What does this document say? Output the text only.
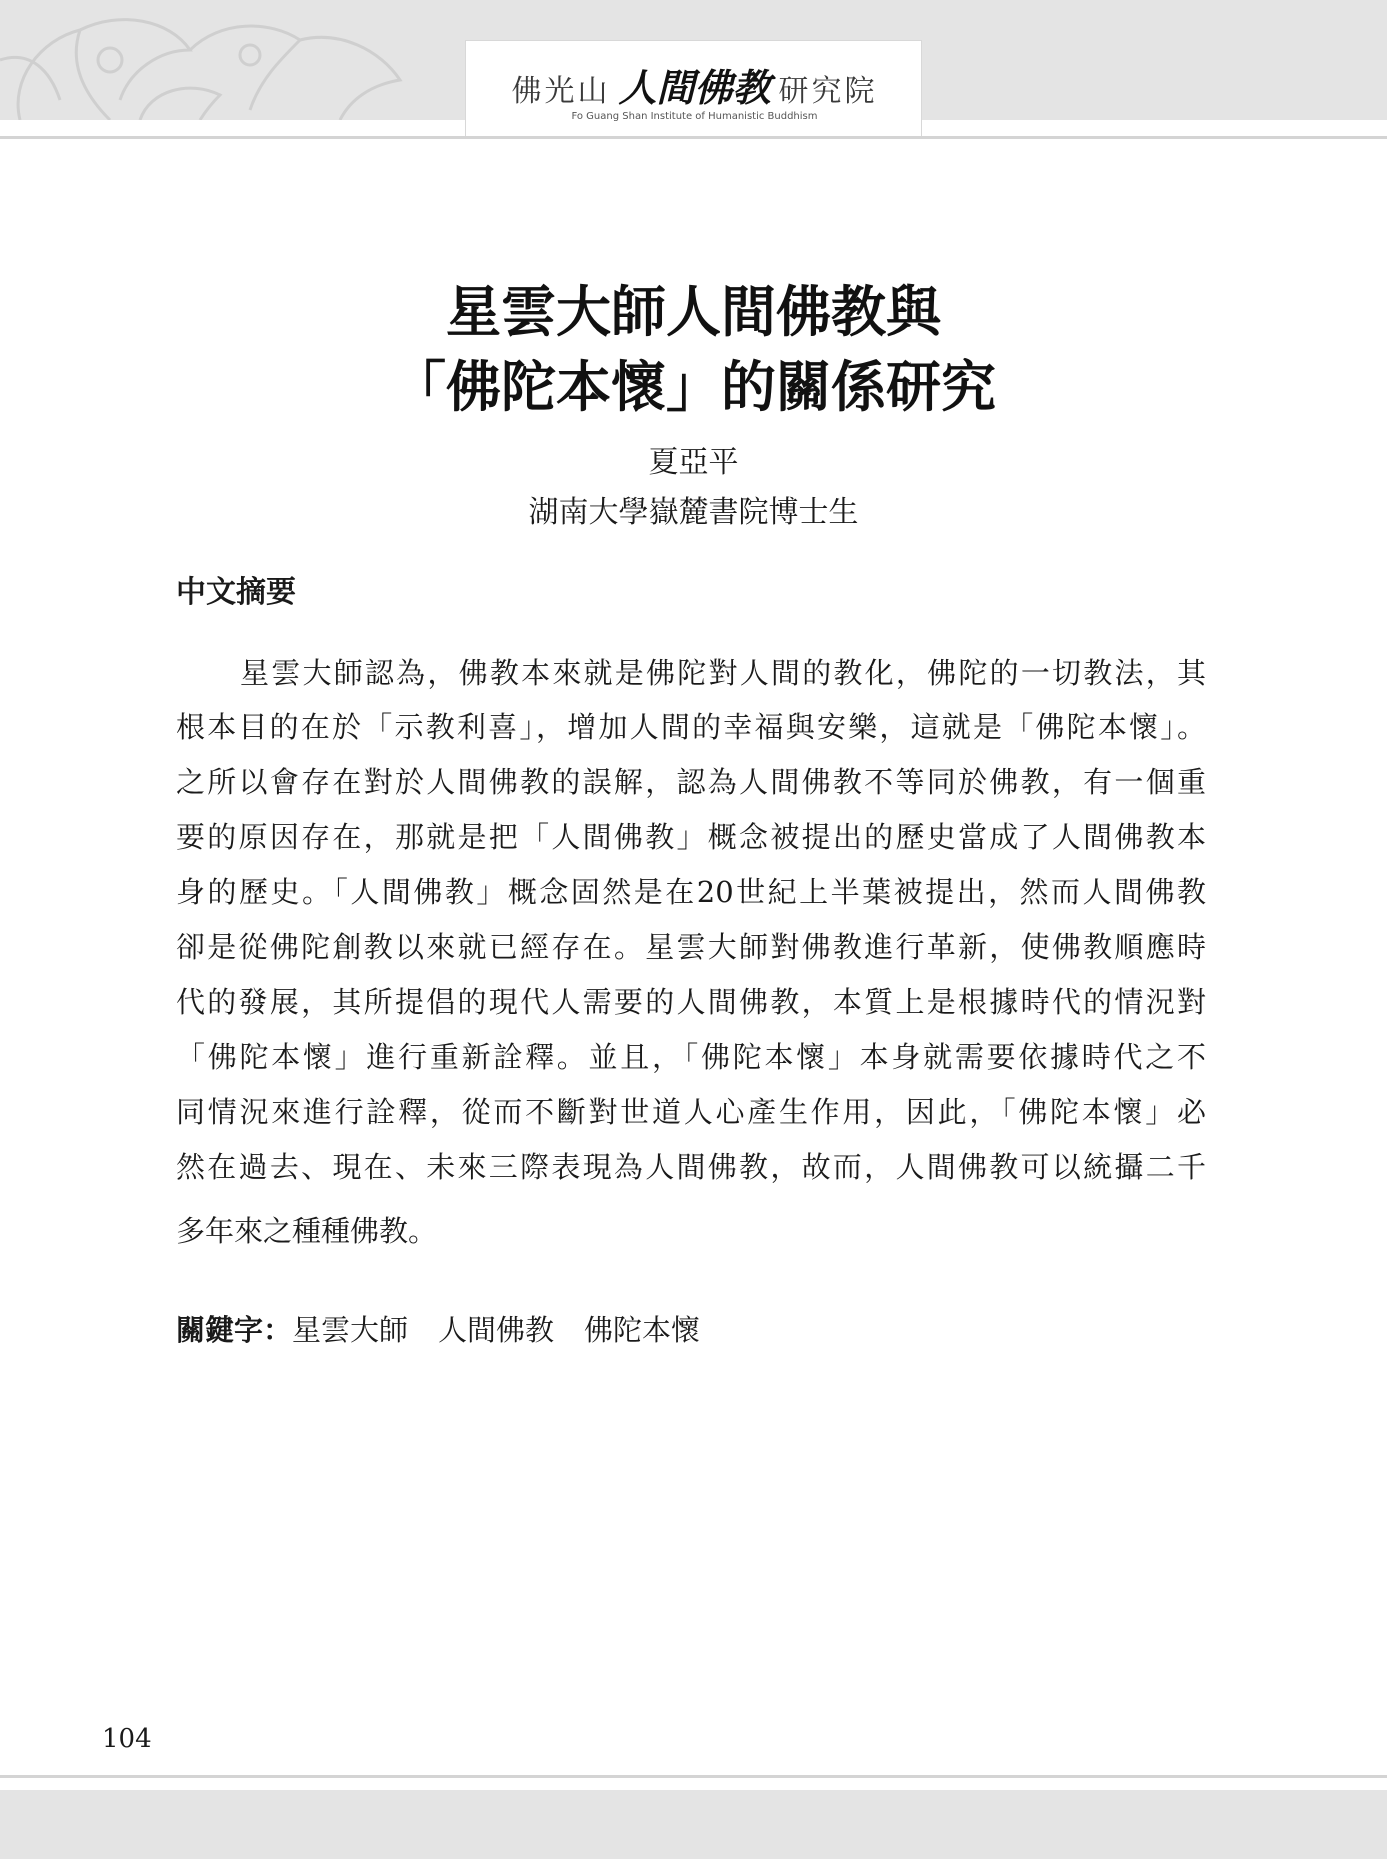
佛光山 人間佛教 研究院
Fo Guang Shan Institute of Humanistic Buddhism
星雲大師人間佛教與
「佛陀本懷」的關係研究
夏亞平
湖南大學嶽麓書院博士生
中文摘要
星雲大師認為，佛教本來就是佛陀對人間的教化，佛陀的一切教法，其
根本目的在於「示教利喜」，增加人間的幸福與安樂，這就是「佛陀本懷」。
之所以會存在對於人間佛教的誤解，認為人間佛教不等同於佛教，有一個重
要的原因存在，那就是把「人間佛教」概念被提出的歷史當成了人間佛教本
身的歷史。「人間佛教」概念固然是在20世紀上半葉被提出，然而人間佛教
卻是從佛陀創教以來就已經存在。星雲大師對佛教進行革新，使佛教順應時
代的發展，其所提倡的現代人需要的人間佛教，本質上是根據時代的情況對
「佛陀本懷」進行重新詮釋。並且，「佛陀本懷」本身就需要依據時代之不
同情況來進行詮釋，從而不斷對世道人心產生作用，因此，「佛陀本懷」必
然在過去、現在、未來三際表現為人間佛教，故而，人間佛教可以統攝二千
多年來之種種佛教。
關鍵字：星雲大師 人間佛教 佛陀本懷
104
